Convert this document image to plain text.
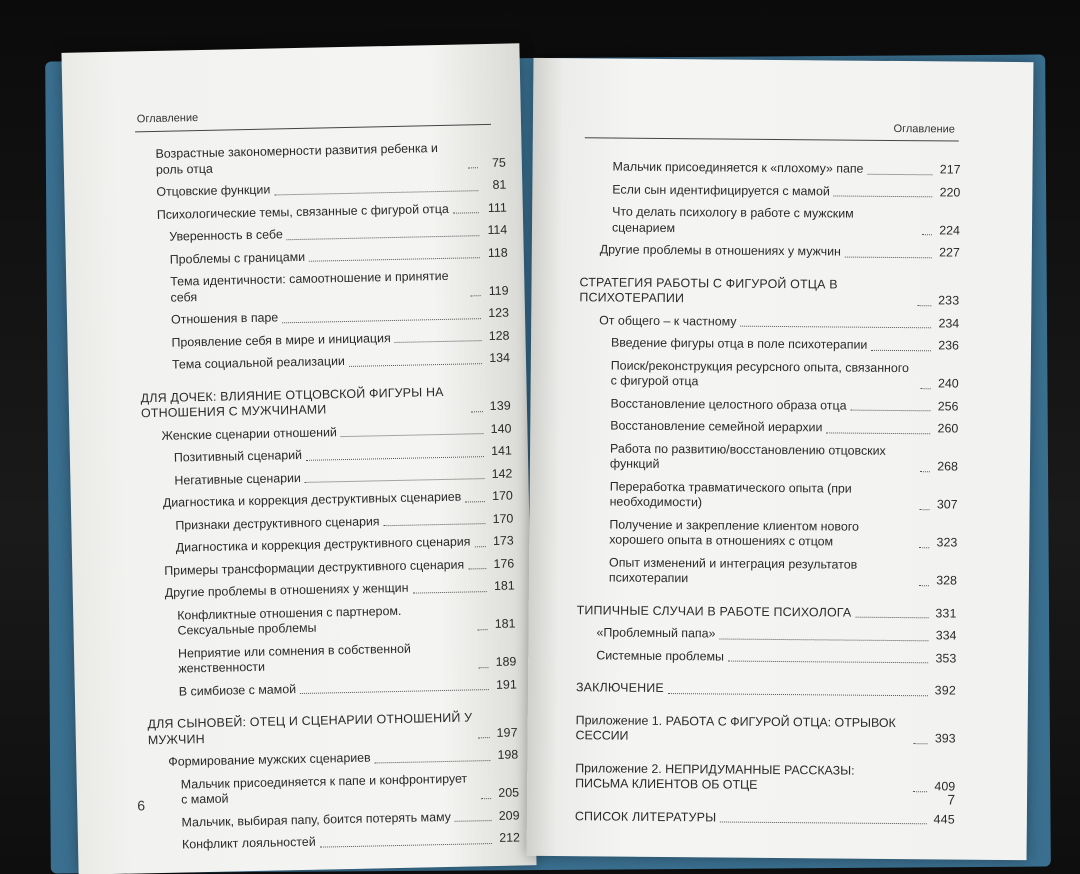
Оглавление
Возрастные закономерности развития ребенка и роль отца	75
Отцовские функции	81
Психологические темы, связанные с фигурой отца	111
Уверенность в себе	114
Проблемы с границами	118
Тема идентичности: самоотношение и принятие себя	119
Отношения в паре	123
Проявление себя в мире и инициация	128
Тема социальной реализации	134
ДЛЯ ДОЧЕК: ВЛИЯНИЕ ОТЦОВСКОЙ ФИГУРЫ НА ОТНОШЕНИЯ С МУЖЧИНАМИ	139
Женские сценарии отношений	140
Позитивный сценарий	141
Негативные сценарии	142
Диагностика и коррекция деструктивных сценариев 170
Признаки деструктивного сценария	170
Диагностика и коррекция деструктивного сценария 173
Примеры трансформации деструктивного сценария 176
Другие проблемы в отношениях у женщин	181
Конфликтные отношения с партнером. Сексуальные проблемы	181
Неприятие или сомнения в собственной женственности	189
В симбиозе с мамой	191
ДЛЯ СЫНОВЕЙ: ОТЕЦ И СЦЕНАРИИ ОТНОШЕНИЙ У МУЖЧИН	197
Формирование мужских сценариев	198
Мальчик присоединяется к папе и конфронтирует с мамой	205
Мальчик, выбирая папу, боится потерять маму	209
Конфликт лояльностей	212
6
Оглавление
Мальчик присоединяется к «плохому» папе	217
Если сын идентифицируется с мамой	220
Что делать психологу в работе с мужским сценарием	224
Другие проблемы в отношениях у мужчин	227
СТРАТЕГИЯ РАБОТЫ С ФИГУРОЙ ОТЦА В ПСИХОТЕРАПИИ	233
От общего – к частному	234
Введение фигуры отца в поле психотерапии	236
Поиск/реконструкция ресурсного опыта, связанного с фигурой отца	240
Восстановление целостного образа отца	256
Восстановление семейной иерархии	260
Работа по развитию/восстановлению отцовских функций	268
Переработка травматического опыта (при необходимости)	307
Получение и закрепление клиентом нового хорошего опыта в отношениях с отцом	323
Опыт изменений и интеграция результатов психотерапии	328
ТИПИЧНЫЕ СЛУЧАИ В РАБОТЕ ПСИХОЛОГА	331
«Проблемный папа»	334
Системные проблемы	353
ЗАКЛЮЧЕНИЕ	392
Приложение 1. РАБОТА С ФИГУРОЙ ОТЦА: ОТРЫВОК СЕССИИ	393
Приложение 2. НЕПРИДУМАННЫЕ РАССКАЗЫ: ПИСЬМА КЛИЕНТОВ ОБ ОТЦЕ	409
СПИСОК ЛИТЕРАТУРЫ	445
7
